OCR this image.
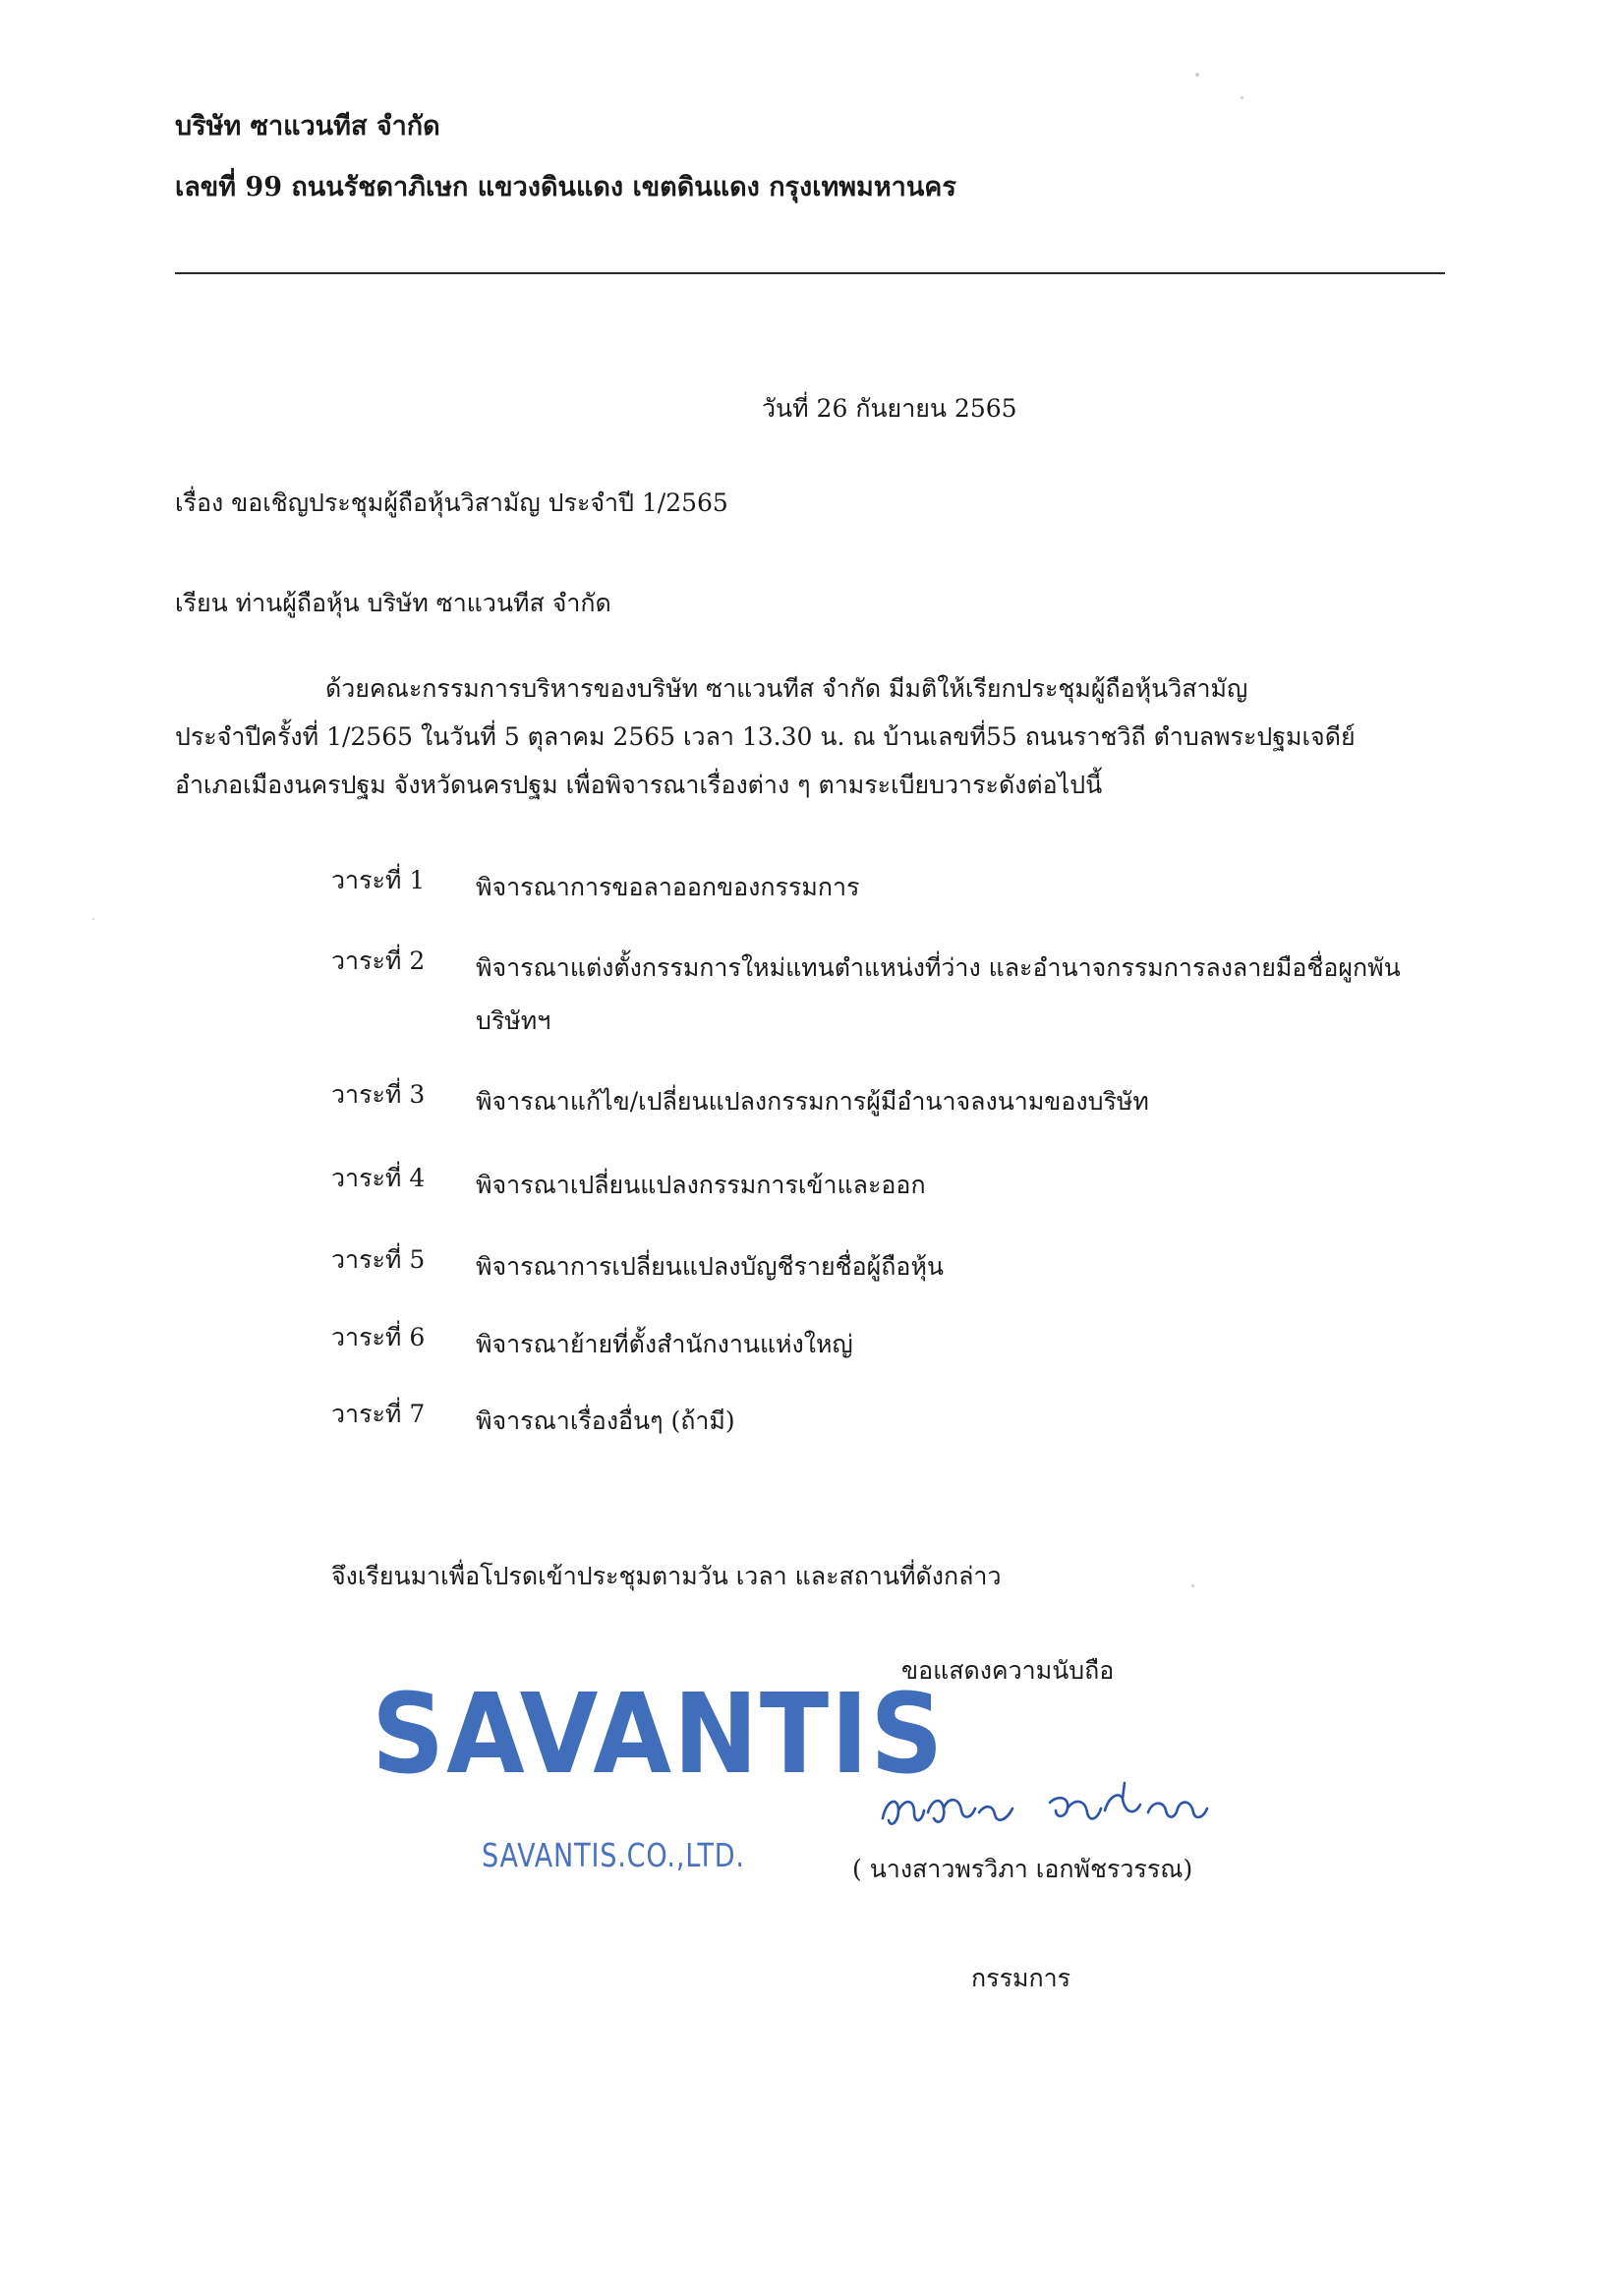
บริษัท ซาแวนทีส จำกัด
เลขที่ 99 ถนนรัชดาภิเษก แขวงดินแดง เขตดินแดง กรุงเทพมหานคร
วันที่ 26 กันยายน 2565
เรื่อง ขอเชิญประชุมผู้ถือหุ้นวิสามัญ ประจำปี 1/2565
เรียน ท่านผู้ถือหุ้น บริษัท ซาแวนทีส จำกัด

ด้วยคณะกรรมการบริหารของบริษัท ซาแวนทีส จำกัด มีมติให้เรียกประชุมผู้ถือหุ้นวิสามัญ

ประจำปีครั้งที่ 1/2565 ในวันที่ 5 ตุลาคม 2565 เวลา 13.30 น. ณ บ้านเลขที่55 ถนนราชวิถี ตำบลพระปฐมเจดีย์

อำเภอเมืองนครปฐม จังหวัดนครปฐม เพื่อพิจารณาเรื่องต่าง ๆ ตามระเบียบวาระดังต่อไปนี้

วาระที่ 1	พิจารณาการขอลาออกของกรรมการ
วาระที่ 2	พิจารณาแต่งตั้งกรรมการใหม่แทนตำแหน่งที่ว่าง และอำนาจกรรมการลงลายมือชื่อผูกพันบริษัทฯ
วาระที่ 3	พิจารณาแก้ไข/เปลี่ยนแปลงกรรมการผู้มีอำนาจลงนามของบริษัท
วาระที่ 4	พิจารณาเปลี่ยนแปลงกรรมการเข้าและออก
วาระที่ 5	พิจารณาการเปลี่ยนแปลงบัญชีรายชื่อผู้ถือหุ้น
วาระที่ 6	พิจารณาย้ายที่ตั้งสำนักงานแห่งใหญ่
วาระที่ 7	พิจารณาเรื่องอื่นๆ (ถ้ามี)
จึงเรียนมาเพื่อโปรดเข้าประชุมตามวัน เวลา และสถานที่ดังกล่าว
ขอแสดงความนับถือ
SAVANTIS
SAVANTIS.CO.,LTD.	( นางสาวพรวิภา เอกพัชรวรรณ)
กรรมการ
